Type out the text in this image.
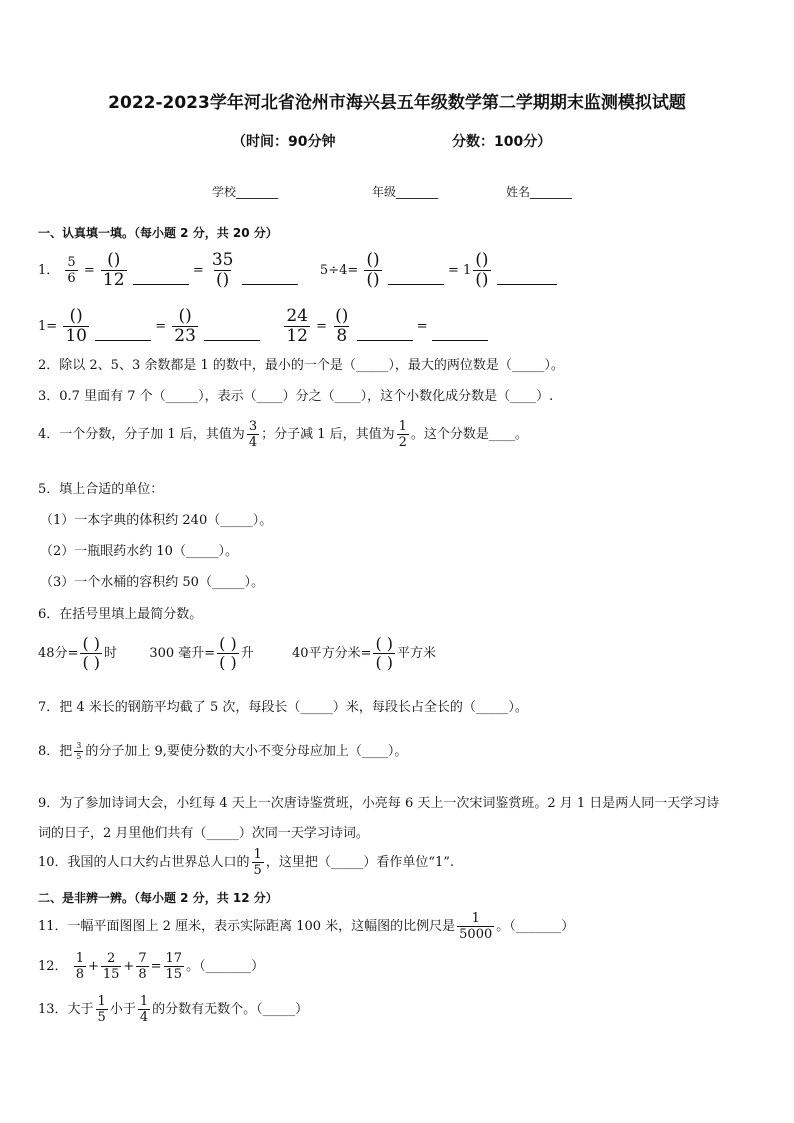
2022-2023学年河北省沧州市海兴县五年级数学第二学期期末监测模拟试题
（时间：90分钟	分数：100分）
学校_______	年级_______	姓名_______
一、认真填一填。（每小题 2 分，共 20 分）
1． $\frac{5}{6} = \frac{()}{12}$	= $\frac{35}{()}$	$5\div 4= \frac{()}{()}$	= $1 \frac{()}{()}$

$1= \frac{()}{10}$	= $\frac{()}{23}$
	$\frac{24}{12} = \frac{()}{8}$	=
2．除以 2、5、3 余数都是 1 的数中，最小的一个是（_____），最大的两位数是（_____）。
3．0.7 里面有 7 个（_____），表示（____）分之（____），这个小数化成分数是（____）.
4．一个分数，分子加 1 后，其值为 $\frac{3}{4}$ ；分子减 1 后，其值为 $\frac{1}{2}$ 。这个分数是____。
5．填上合适的单位：
（1）一本字典的体积约 240（_____）。
（2）一瓶眼药水约 10（_____）。
（3）一个水桶的容积约 50（_____）。
6．在括号里填上最简分数。
48分= $\frac{( )}{( )}$ 时 300 毫升= $\frac{( )}{( )}$ 升	40平方分米= $\frac{( )}{( )}$ 平方米
7．把 4 米长的钢筋平均截了 5 次，每段长（_____）米，每段长占全长的（_____）。
8．把 $\frac{3}{5}$ 的分子加上 9,要使分数的大小不变分母应加上（____）。
9．为了参加诗词大会，小红每 4 天上一次唐诗鉴赏班，小亮每 6 天上一次宋词鉴赏班。2 月 1 日是两人同一天学习诗
词的日子，2 月里他们共有（_____）次同一天学习诗词。
10．我国的人口大约占世界总人口的 $\frac{1}{5}$ ，这里把（_____）看作单位“1”.
二、是非辨一辨。（每小题 2 分，共 12 分）
11．一幅平面图图上 2 厘米，表示实际距离 100 米，这幅图的比例尺是 $\frac{1}{5000}$ 。（_______）
12． $\frac{1}{8} + \frac{2}{15} + \frac{7}{8} = \frac{17}{15}$ 。（_______）
13．大于 $\frac{1}{5}$ 小于 $\frac{1}{4}$ 的分数有无数个。（_____）
